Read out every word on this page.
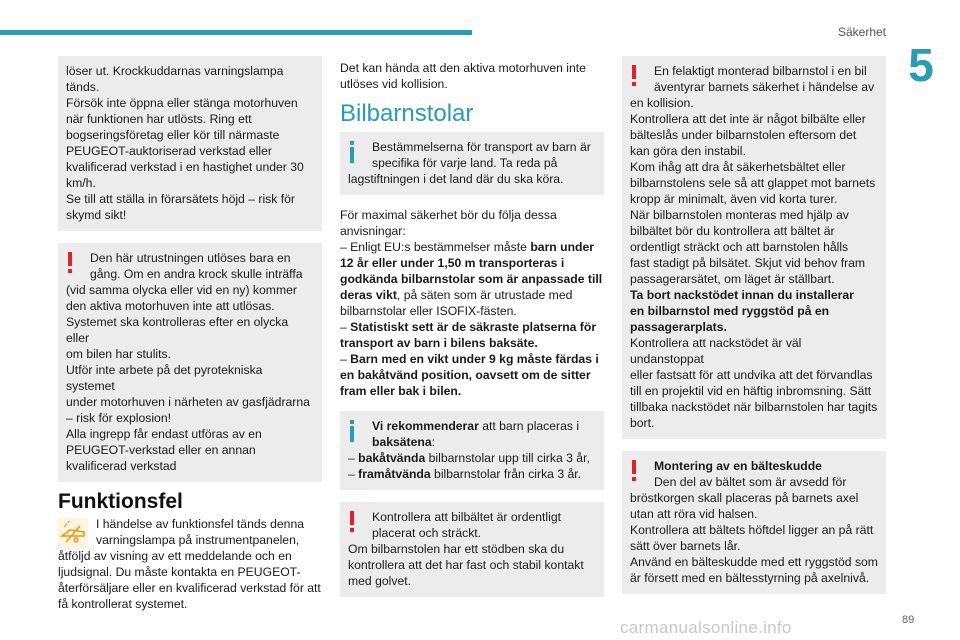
Säkerhet
5
löser ut. Krockkuddarnas varningslampa
tänds.
Försök inte öppna eller stänga motorhuven
när funktionen har utlösts. Ring ett
bogseringsföretag eller kör till närmaste
PEUGEOT-auktoriserad verkstad eller
kvalificerad verkstad i en hastighet under 30
km/h.
Se till att ställa in förarsätets höjd – risk för
skymd sikt!
Den här utrustningen utlöses bara en
gång. Om en andra krock skulle inträffa
(vid samma olycka eller vid en ny) kommer
den aktiva motorhuven inte att utlösas.
Systemet ska kontrolleras efter en olycka eller
om bilen har stulits.
Utför inte arbete på det pyrotekniska systemet
under motorhuven i närheten av gasfjädrarna
– risk för explosion!
Alla ingrepp får endast utföras av en
PEUGEOT-verkstad eller en annan
kvalificerad verkstad

Funktionsfel

I händelse av funktionsfel tänds denna
varningslampa på instrumentpanelen,
åtföljd av visning av ett meddelande och en
ljudsignal. Du måste kontakta en PEUGEOT-
återförsäljare eller en kvalificerad verkstad för att
få kontrollerat systemet.
Det kan hända att den aktiva motorhuven inte
utlöses vid kollision.

Bilbarnstolar

Bestämmelserna för transport av barn är
specifika för varje land. Ta reda på
lagstiftningen i det land där du ska köra.
För maximal säkerhet bör du följa dessa
anvisningar:

– Enligt EU:s bestämmelser måste barn under 12 år eller under 1,50 m transporteras i godkända bilbarnstolar som är anpassade till deras vikt, på säten som är utrustade med bilbarnstolar eller ISOFIX-fästen.

– Statistiskt sett är de säkraste platserna för transport av barn i bilens baksäte.

– Barn med en vikt under 9 kg måste färdas i en bakåtvänd position, oavsett om de sitter fram eller bak i bilen.

Vi rekommenderar att barn placeras i
baksätena:

– bakåtvända bilbarnstolar upp till cirka 3 år,

– framåtvända bilbarnstolar från cirka 3 år.

Kontrollera att bilbältet är ordentligt
placerat och sträckt.
Om bilbarnstolen har ett stödben ska du
kontrollera att det har fast och stabil kontakt
med golvet.
En felaktigt monterad bilbarnstol i en bil
äventyrar barnets säkerhet i händelse av
en kollision.
Kontrollera att det inte är något bilbälte eller
bälteslås under bilbarnstolen eftersom det
kan göra den instabil.
Kom ihåg att dra åt säkerhetsbältet eller
bilbarnstolens sele så att glappet mot barnets
kropp är minimalt, även vid korta turer.
När bilbarnstolen monteras med hjälp av
bilbältet bör du kontrollera att bältet är
ordentligt sträckt och att barnstolen hålls
fast stadigt på bilsätet. Skjut vid behov fram
passagerarsätet, om läget är ställbart.
Ta bort nackstödet innan du installerar
en bilbarnstol med ryggstöd på en
passagerarplats.
Kontrollera att nackstödet är väl undanstoppat
eller fastsatt för att undvika att det förvandlas
till en projektil vid en häftig inbromsning. Sätt
tillbaka nackstödet när bilbarnstolen har tagits
bort.
Montering av en bälteskudde
Den del av bältet som är avsedd för
bröstkorgen skall placeras på barnets axel
utan att röra vid halsen.
Kontrollera att bältets höftdel ligger an på rätt
sätt över barnets lår.
Använd en bälteskudde med ett ryggstöd som
är försett med en bältesstyrning på axelnivå.
carmanualsonline.info	89
